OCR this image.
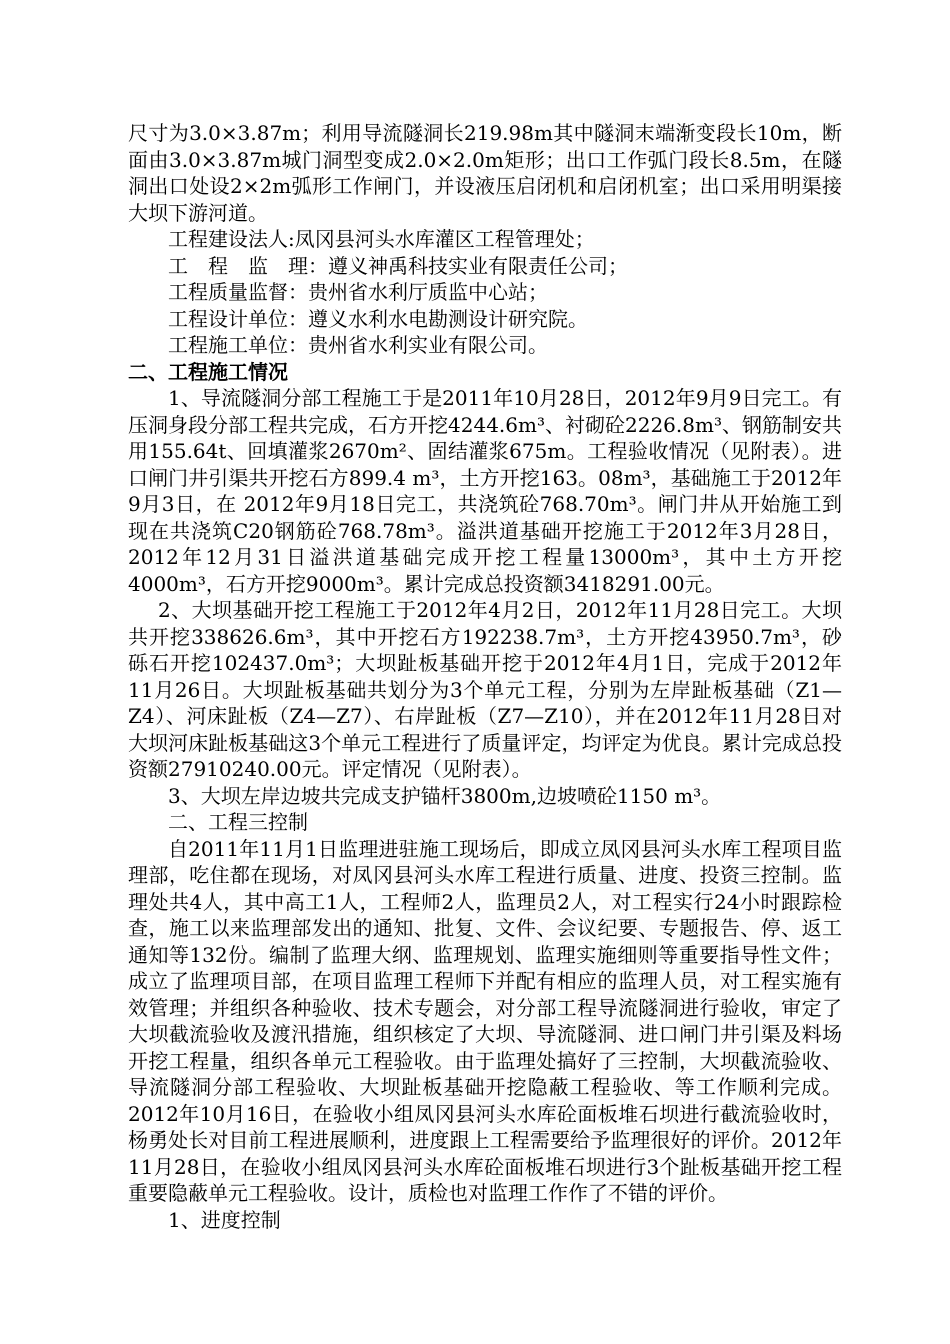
尺寸为3.0×3.87m；利用导流隧洞长219.98m其中隧洞末端渐变段长10m，断面由3.0×3.87m城门洞型变成2.0×2.0m矩形；出口工作弧门段长8.5m，在隧洞出口处设2×2m弧形工作闸门，并设液压启闭机和启闭机室；出口采用明渠接大坝下游河道。

工程建设法人:凤冈县河头水库灌区工程管理处；

工　程　监　理：遵义神禹科技实业有限责任公司；

工程质量监督：贵州省水利厅质监中心站；

工程设计单位：遵义水利水电勘测设计研究院。

工程施工单位：贵州省水利实业有限公司。

二、工程施工情况

1、导流隧洞分部工程施工于是2011年10月28日，2012年9月9日完工。有压洞身段分部工程共完成，石方开挖4244.6m³、衬砌砼2226.8m³、钢筋制安共用155.64t、回填灌浆2670m²、固结灌浆675m。工程验收情况（见附表）。进口闸门井引渠共开挖石方899.4 m³，土方开挖163。08m³，基础施工于2012年9月3日，在 2012年9月18日完工，共浇筑砼768.70m³。闸门井从开始施工到现在共浇筑C20钢筋砼768.78m³。溢洪道基础开挖施工于2012年3月28日，2012年12月31日溢洪道基础完成开挖工程量13000m³，其中土方开挖4000m³，石方开挖9000m³。累计完成总投资额3418291.00元。

2、大坝基础开挖工程施工于2012年4月2日，2012年11月28日完工。大坝共开挖338626.6m³，其中开挖石方192238.7m³，土方开挖43950.7m³，砂砾石开挖102437.0m³；大坝趾板基础开挖于2012年4月1日，完成于2012年11月26日。大坝趾板基础共划分为3个单元工程，分别为左岸趾板基础（Z1—Z4）、河床趾板（Z4—Z7）、右岸趾板（Z7—Z10），并在2012年11月28日对大坝河床趾板基础这3个单元工程进行了质量评定，均评定为优良。累计完成总投资额27910240.00元。评定情况（见附表）。

3、大坝左岸边坡共完成支护锚杆3800m,边坡喷砼1150 m³。

二、工程三控制

自2011年11月1日监理进驻施工现场后，即成立凤冈县河头水库工程项目监理部，吃住都在现场，对凤冈县河头水库工程进行质量、进度、投资三控制。监理处共4人，其中高工1人，工程师2人，监理员2人，对工程实行24小时跟踪检查，施工以来监理部发出的通知、批复、文件、会议纪要、专题报告、停、返工通知等132份。编制了监理大纲、监理规划、监理实施细则等重要指导性文件；成立了监理项目部，在项目监理工程师下并配有相应的监理人员，对工程实施有效管理；并组织各种验收、技术专题会，对分部工程导流隧洞进行验收，审定了大坝截流验收及渡汛措施，组织核定了大坝、导流隧洞、进口闸门井引渠及料场开挖工程量，组织各单元工程验收。由于监理处搞好了三控制，大坝截流验收、导流隧洞分部工程验收、大坝趾板基础开挖隐蔽工程验收、等工作顺利完成。2012年10月16日，在验收小组凤冈县河头水库砼面板堆石坝进行截流验收时，杨勇处长对目前工程进展顺利，进度跟上工程需要给予监理很好的评价。2012年11月28日，在验收小组凤冈县河头水库砼面板堆石坝进行3个趾板基础开挖工程重要隐蔽单元工程验收。设计，质检也对监理工作作了不错的评价。

1、进度控制
